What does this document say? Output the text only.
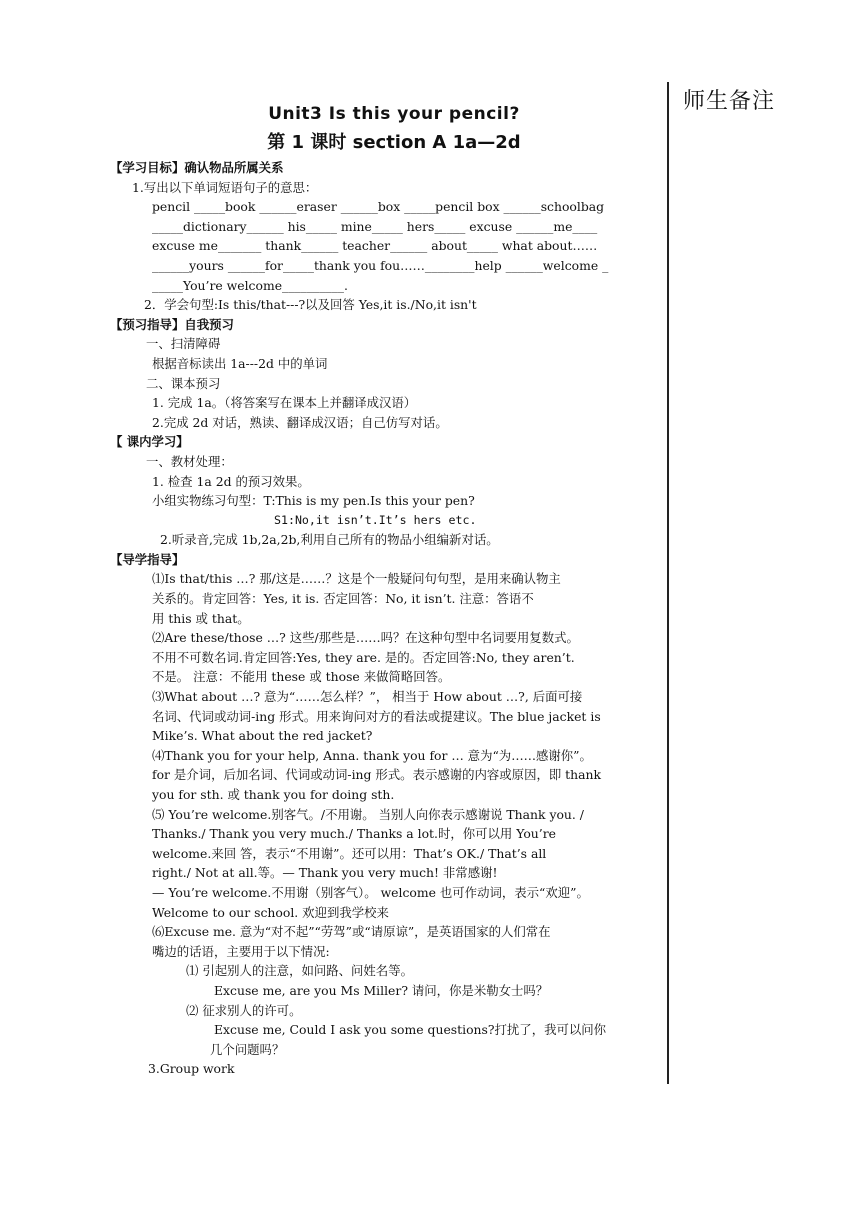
师生备注
Unit3 Is this your pencil?
第 1 课时 section A 1a—2d
【学习目标】确认物品所属关系
1.写出以下单词短语句子的意思：
pencil _____book ______eraser ______box _____pencil box ______schoolbag
_____dictionary______ his_____ mine_____ hers_____ excuse ______me____
excuse me_______ thank______ teacher______ about_____ what about……
______yours ______for_____thank you fou……________help ______welcome _
_____You’re welcome__________.
2．学会句型:Is this/that---?以及回答 Yes,it is./No,it isn't
【预习指导】自我预习
一、扫清障碍
根据音标读出 1a---2d 中的单词
二、课本预习
1. 完成 1a。（将答案写在课本上并翻译成汉语）
2.完成 2d 对话，熟读、翻译成汉语；自己仿写对话。
【 课内学习】
一、教材处理：
1. 检查 1a 2d 的预习效果。
小组实物练习句型：T:This is my pen.Is this your pen?
S1:No,it isn’t.It’s hers etc.
2.听录音,完成 1b,2a,2b,利用自己所有的物品小组编新对话。
【导学指导】
⑴Is that/this …? 那/这是……？这是个一般疑问句句型，是用来确认物主
关系的。肯定回答：Yes, it is. 否定回答：No, it isn’t. 注意：答语不
用 this 或 that。
⑵Are these/those …? 这些/那些是……吗？在这种句型中名词要用复数式。
不用不可数名词.肯定回答:Yes, they are. 是的。否定回答:No, they aren’t.
不是。 注意：不能用 these 或 those 来做简略回答。
⑶What about …? 意为“……怎么样？”， 相当于 How about …?, 后面可接
名词、代词或动词-ing 形式。用来询问对方的看法或提建议。The blue jacket is
Mike’s. What about the red jacket?
⑷Thank you for your help, Anna. thank you for … 意为“为……感谢你”。
for 是介词，后加名词、代词或动词-ing 形式。表示感谢的内容或原因，即 thank
you for sth. 或 thank you for doing sth.
⑸ You’re welcome.别客气。/不用谢。 当别人向你表示感谢说 Thank you. /
Thanks./ Thank you very much./ Thanks a lot.时，你可以用 You’re
welcome.来回 答，表示“不用谢”。还可以用：That’s OK./ That’s all
right./ Not at all.等。— Thank you very much! 非常感谢!
— You’re welcome.不用谢（别客气）。 welcome 也可作动词，表示“欢迎”。
Welcome to our school. 欢迎到我学校来
⑹Excuse me. 意为“对不起”“劳驾”或“请原谅”，是英语国家的人们常在
嘴边的话语，主要用于以下情况:
⑴ 引起别人的注意，如问路、问姓名等。
Excuse me, are you Ms Miller? 请问，你是米勒女士吗？
⑵ 征求别人的许可。
Excuse me, Could I ask you some questions?打扰了，我可以问你
几个问题吗？
3.Group work
